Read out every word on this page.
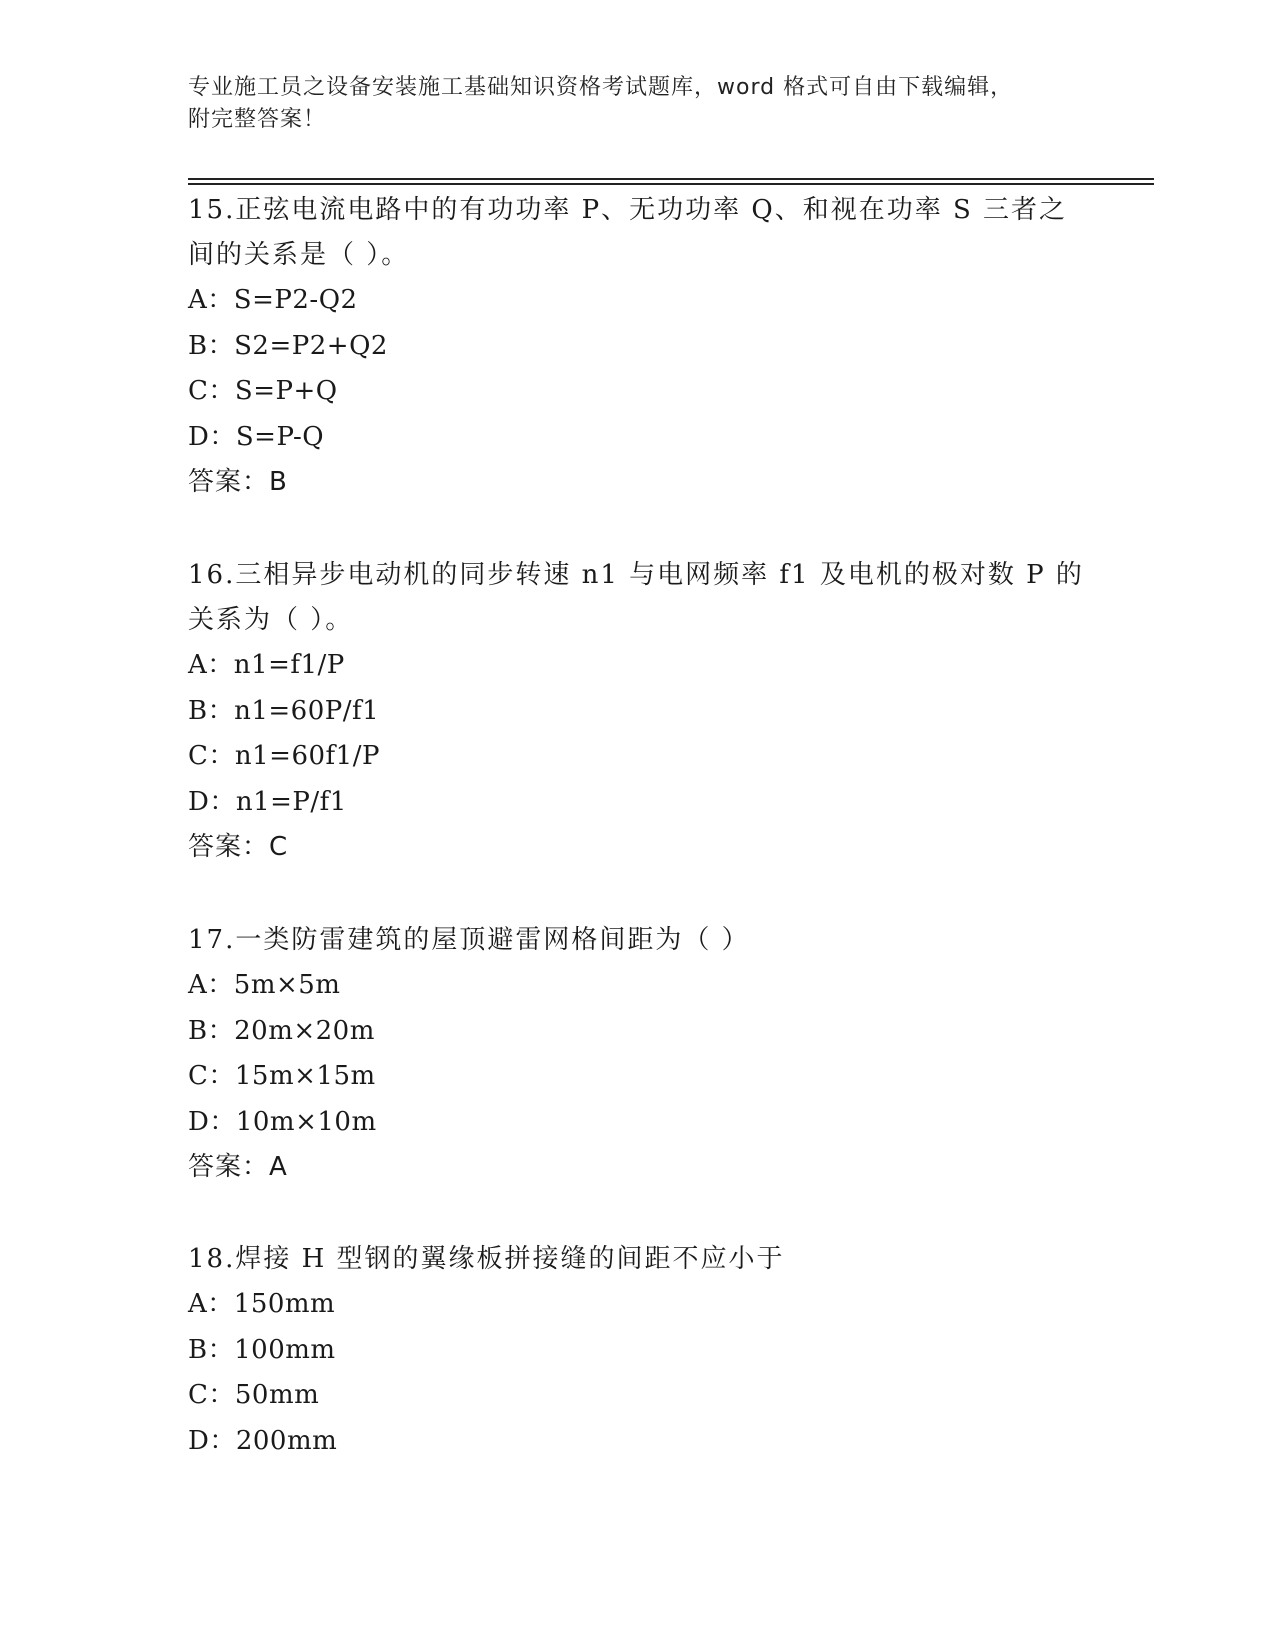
专业施工员之设备安装施工基础知识资格考试题库，word 格式可自由下载编辑，
附完整答案！

15.正弦电流电路中的有功功率 P、无功功率 Q、和视在功率 S 三者之

间的关系是（ ）。

A：S=P2-Q2

B：S2=P2+Q2

C：S=P+Q

D：S=P-Q

答案：B

16.三相异步电动机的同步转速 n1 与电网频率 f1 及电机的极对数 P 的

关系为（ ）。

A：n1=f1/P

B：n1=60P/f1

C：n1=60f1/P

D：n1=P/f1

答案：C

17.一类防雷建筑的屋顶避雷网格间距为（ ）

A：5m×5m

B：20m×20m

C：15m×15m

D：10m×10m

答案：A

18.焊接 H 型钢的翼缘板拼接缝的间距不应小于

A：150mm

B：100mm

C：50mm

D：200mm
